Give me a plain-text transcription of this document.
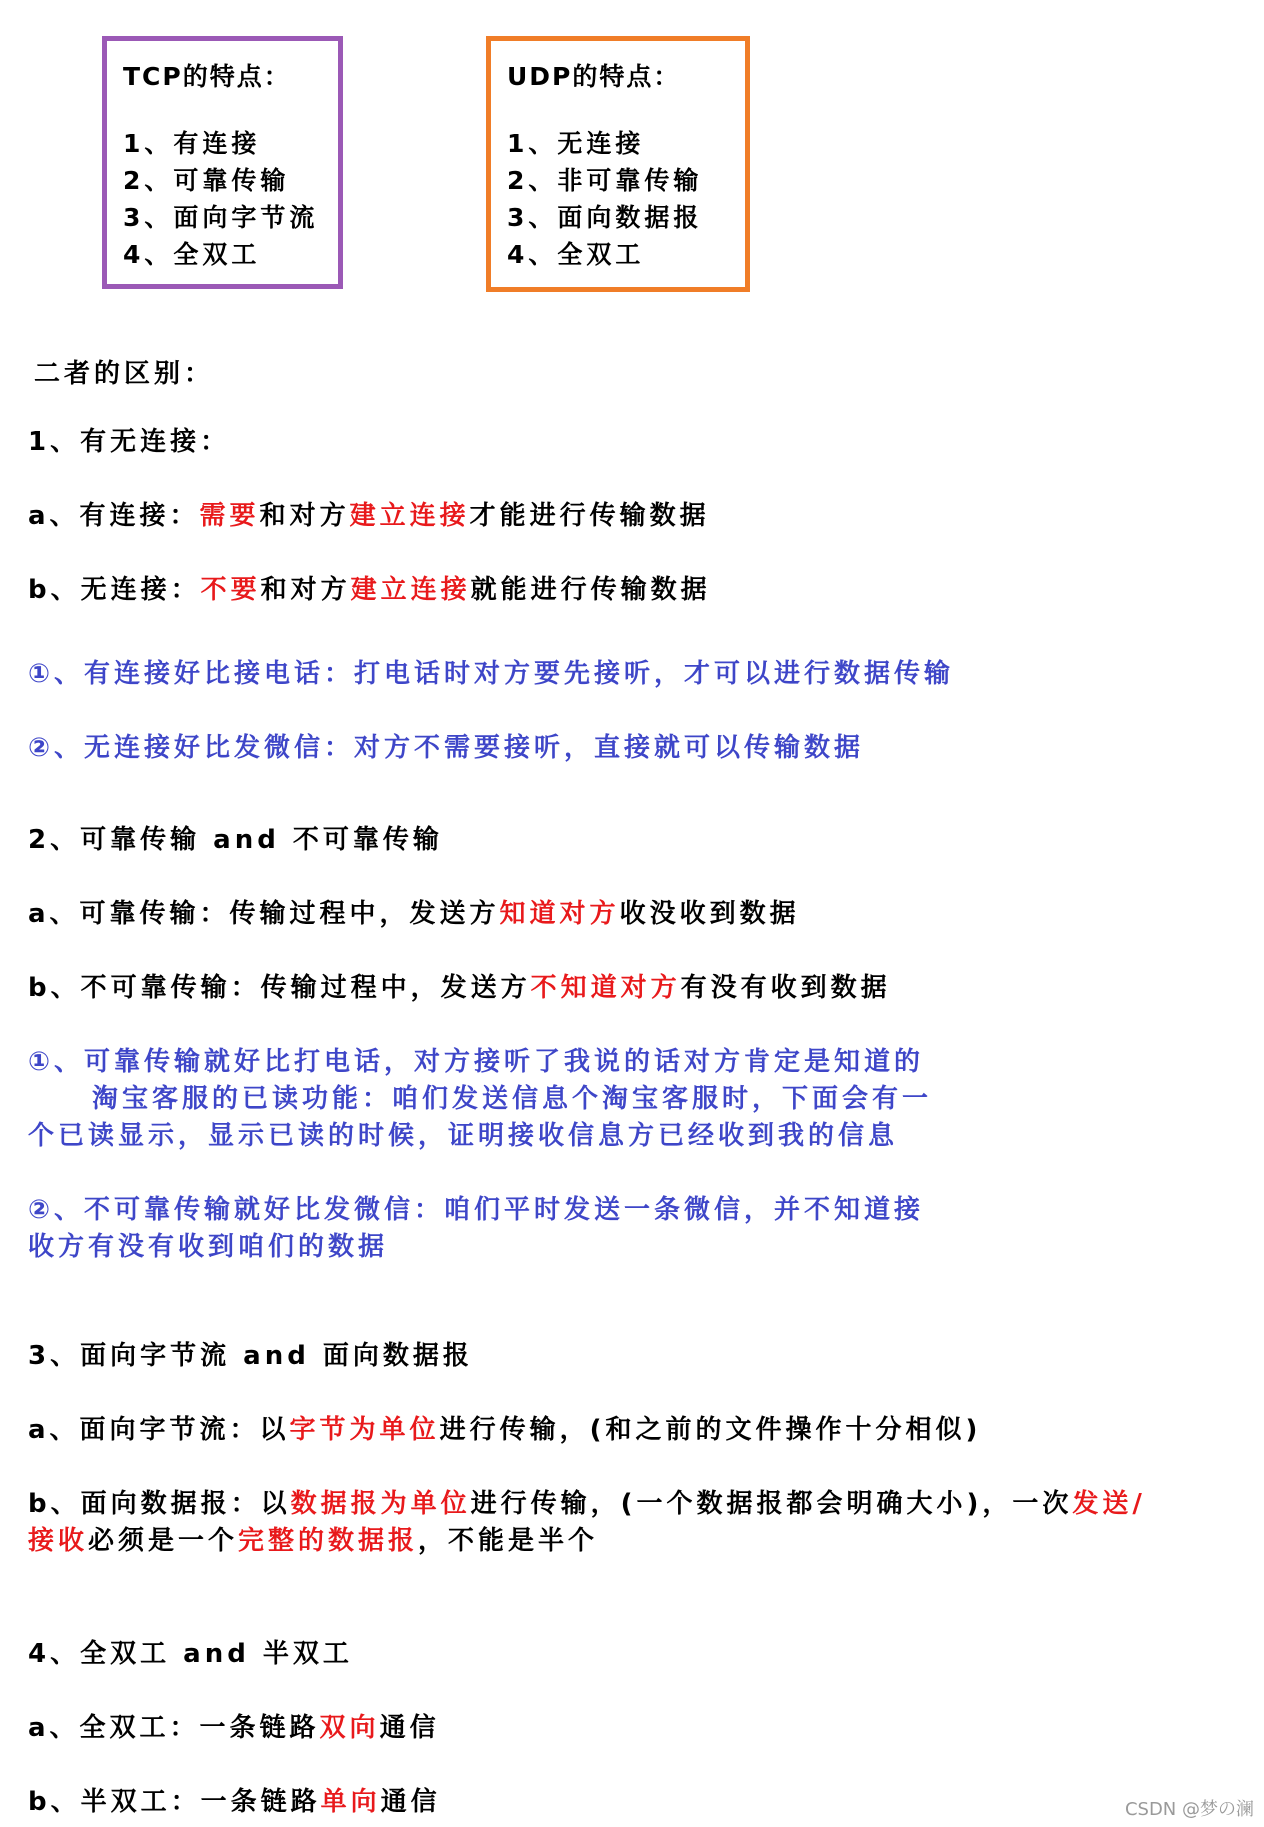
TCP的特点：
1、有连接
2、可靠传输
3、面向字节流
4、全双工
UDP的特点：
1、无连接
2、非可靠传输
3、面向数据报
4、全双工
二者的区别：
1、有无连接：
a、有连接：需要和对方建立连接才能进行传输数据
b、无连接：不要和对方建立连接就能进行传输数据
①、有连接好比接电话：打电话时对方要先接听，才可以进行数据传输
②、无连接好比发微信：对方不需要接听，直接就可以传输数据
2、可靠传输 and 不可靠传输
a、可靠传输：传输过程中，发送方知道对方收没收到数据
b、不可靠传输：传输过程中，发送方不知道对方有没有收到数据
①、可靠传输就好比打电话，对方接听了我说的话对方肯定是知道的
淘宝客服的已读功能：咱们发送信息个淘宝客服时，下面会有一
个已读显示，显示已读的时候，证明接收信息方已经收到我的信息
②、不可靠传输就好比发微信：咱们平时发送一条微信，并不知道接
收方有没有收到咱们的数据
3、面向字节流 and 面向数据报
a、面向字节流：以字节为单位进行传输，(和之前的文件操作十分相似)
b、面向数据报：以数据报为单位进行传输，(一个数据报都会明确大小)，一次发送/
接收必须是一个完整的数据报，不能是半个
4、全双工 and 半双工
a、全双工：一条链路双向通信
b、半双工：一条链路单向通信	CSDN @梦の澜
